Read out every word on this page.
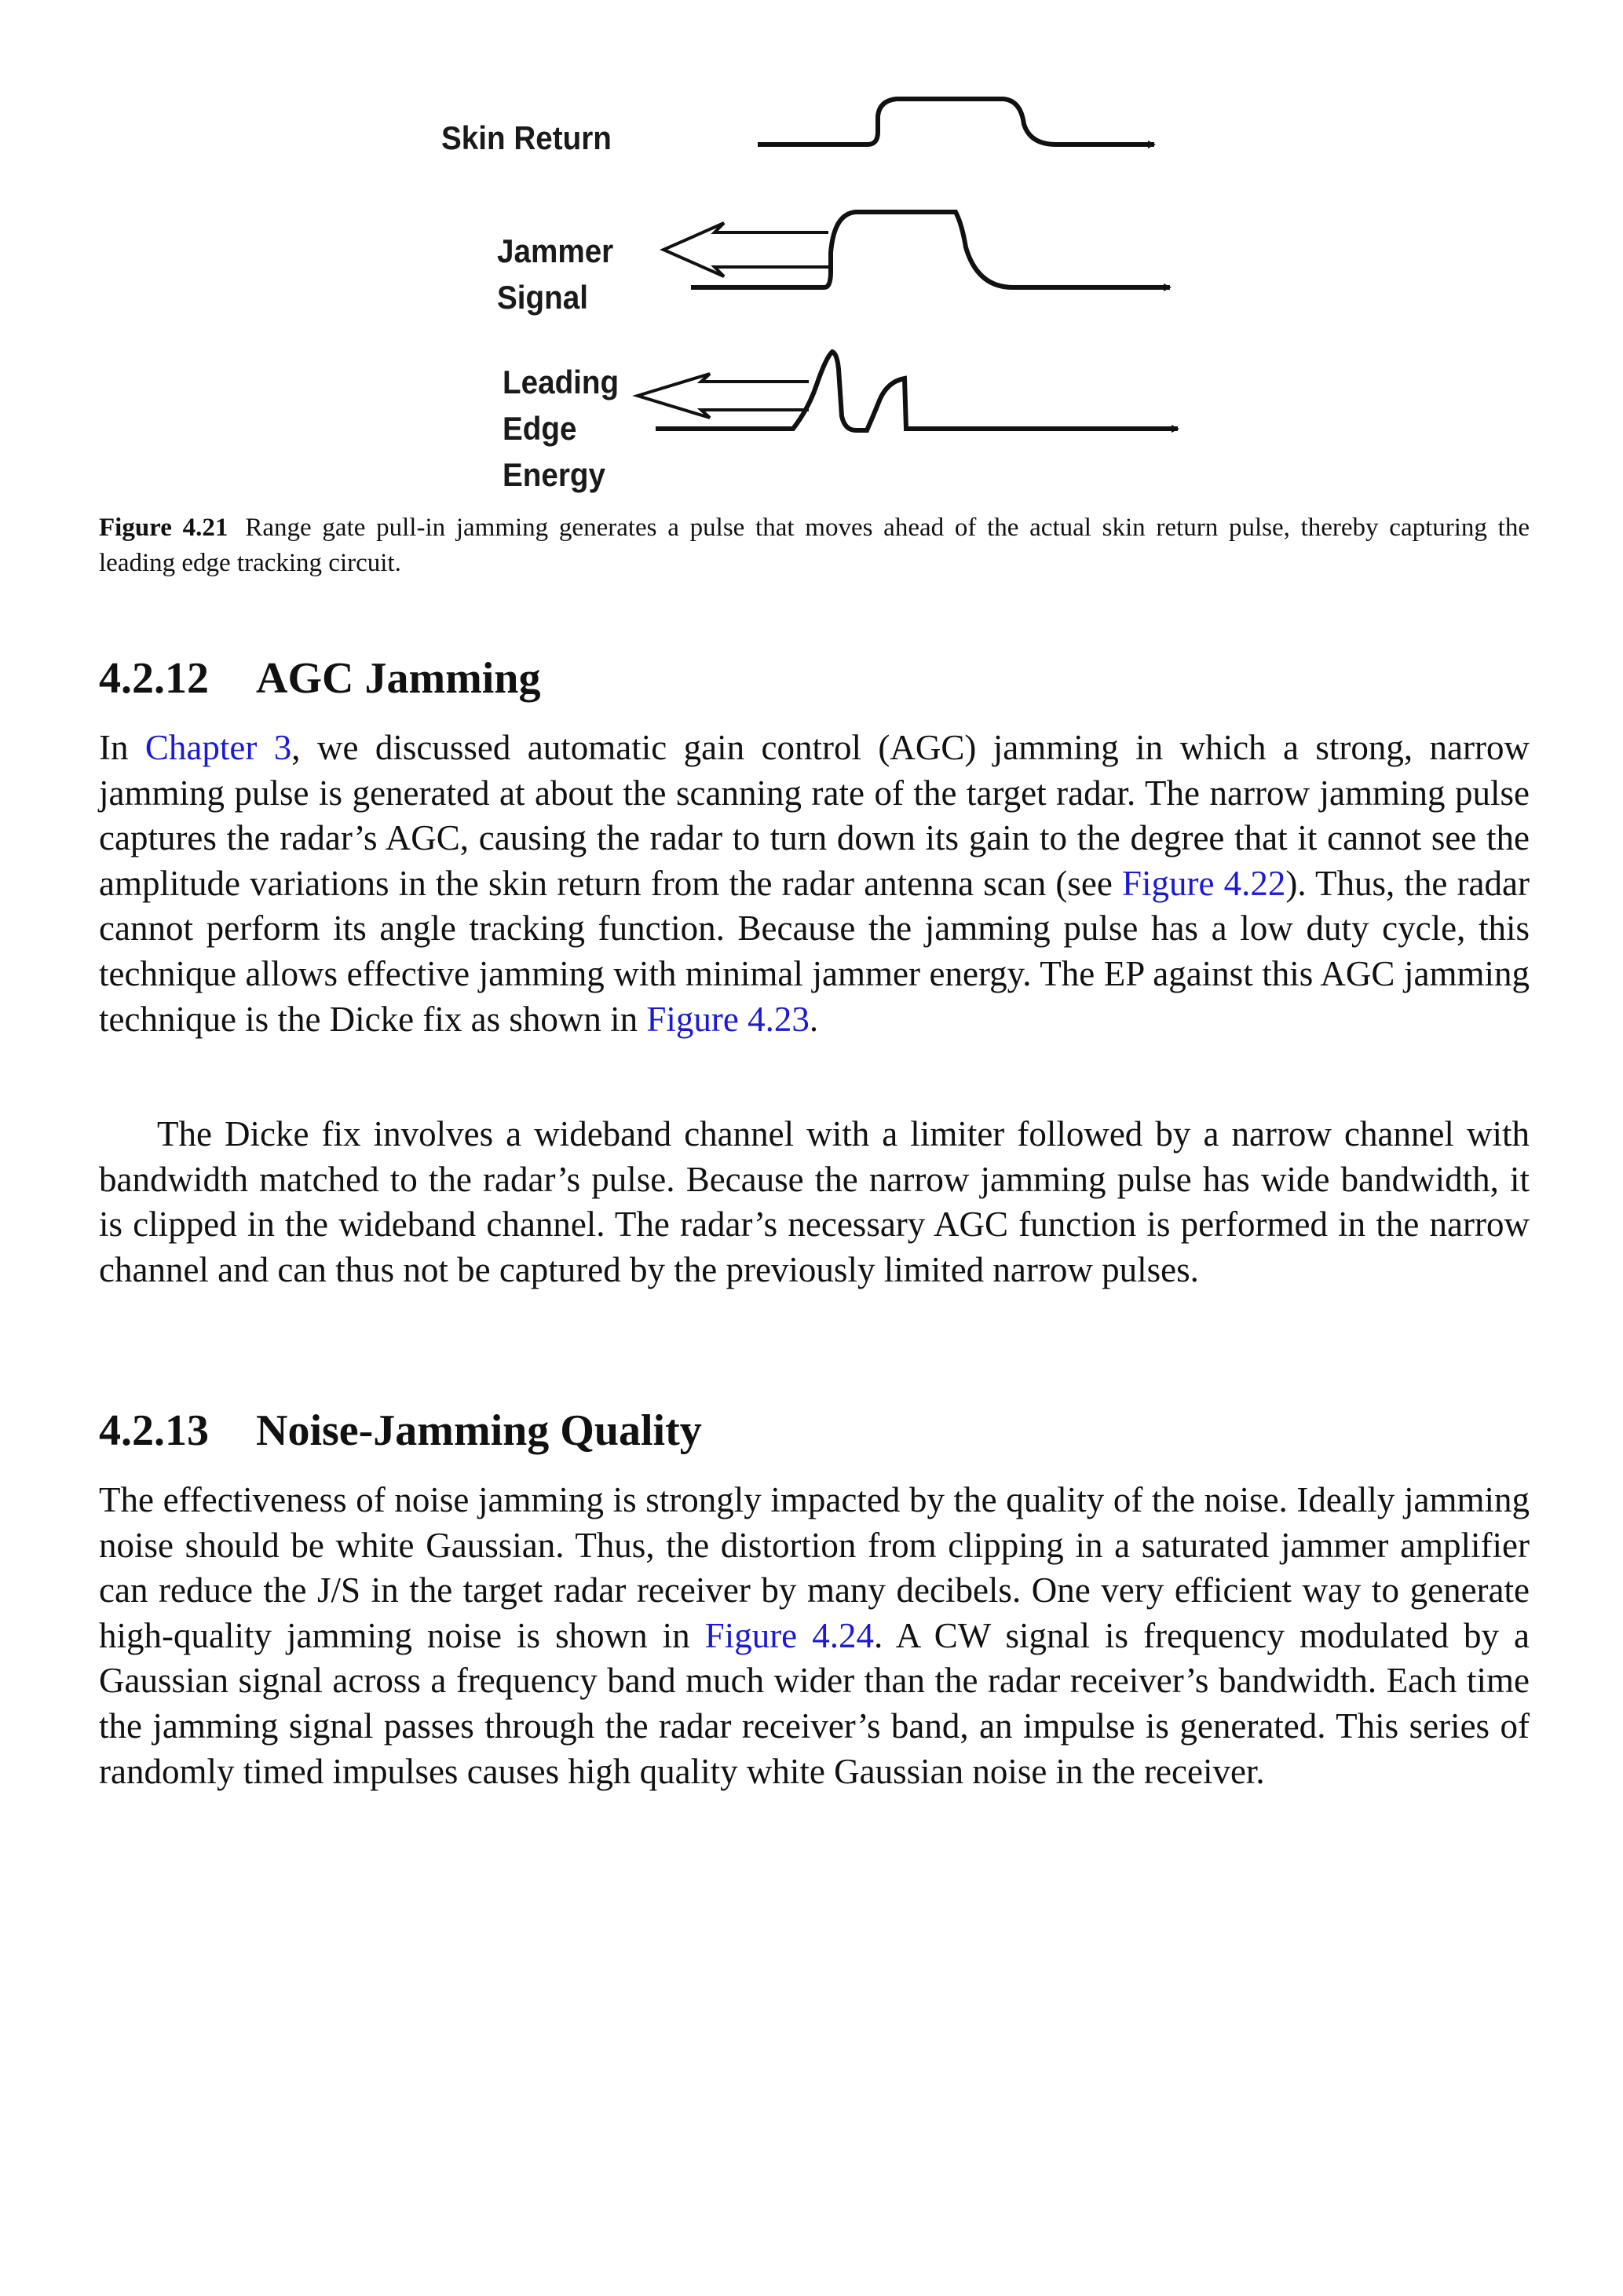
Skin Return
Jammer
Signal
Leading
Edge
Energy
Figure 4.21 Range gate pull-in jamming generates a pulse that moves ahead of the actual skin return pulse, thereby capturing the leading edge tracking circuit.
4.2.12 AGC Jamming

In Chapter 3, we discussed automatic gain control (AGC) jamming in which a strong, narrow jamming pulse is generated at about the scanning rate of the target radar. The narrow jamming pulse captures the radar’s AGC, causing the radar to turn down its gain to the degree that it cannot see the amplitude variations in the skin return from the radar antenna scan (see Figure 4.22). Thus, the radar cannot perform its angle tracking function. Because the jamming pulse has a low duty cycle, this technique allows effective jamming with minimal jammer energy. The EP against this AGC jamming technique is the Dicke fix as shown in Figure 4.23.

The Dicke fix involves a wideband channel with a limiter followed by a narrow channel with bandwidth matched to the radar’s pulse. Because the narrow jamming pulse has wide bandwidth, it is clipped in the wideband channel. The radar’s necessary AGC function is performed in the narrow channel and can thus not be captured by the previously limited narrow pulses.

4.2.13 Noise-Jamming Quality

The effectiveness of noise jamming is strongly impacted by the quality of the noise. Ideally jamming noise should be white Gaussian. Thus, the distortion from clipping in a saturated jammer amplifier can reduce the J/S in the target radar receiver by many decibels. One very efficient way to generate high-quality jamming noise is shown in Figure 4.24. A CW signal is frequency modulated by a Gaussian signal across a frequency band much wider than the radar receiver’s bandwidth. Each time the jamming signal passes through the radar receiver’s band, an impulse is generated. This series of randomly timed impulses causes high quality white Gaussian noise in the receiver.
